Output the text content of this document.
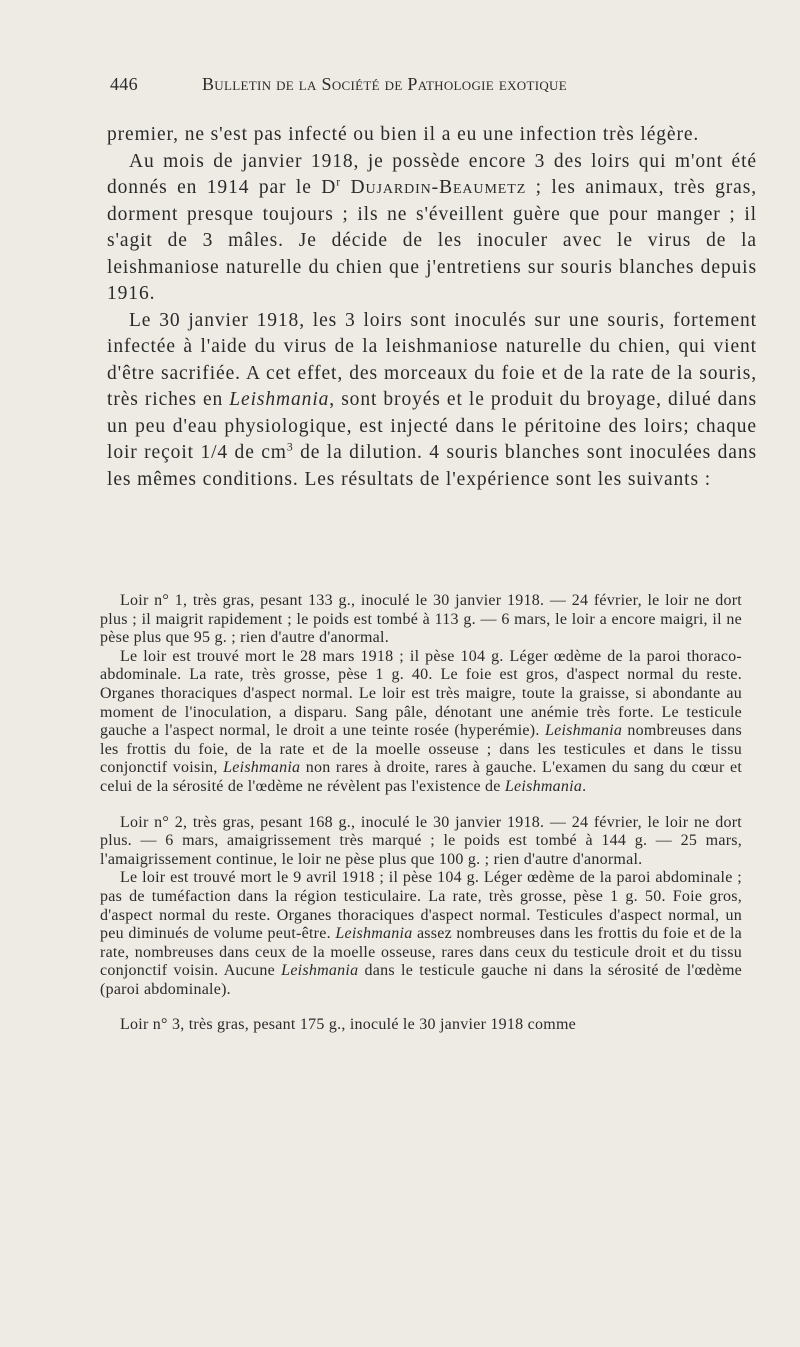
446	Bulletin de la Société de Pathologie exotique

premier, ne s'est pas infecté ou bien il a eu une infection très légère.

Au mois de janvier 1918, je possède encore 3 des loirs qui m'ont été donnés en 1914 par le $D^r$ Dujardin-Beaumetz ; les animaux, très gras, dorment presque toujours ; ils ne s'éveillent guère que pour manger ; il s'agit de 3 mâles. Je décide de les inoculer avec le virus de la leishmaniose naturelle du chien que j'entretiens sur souris blanches depuis 1916.

Le 30 janvier 1918, les 3 loirs sont inoculés sur une souris, fortement infectée à l'aide du virus de la leishmaniose naturelle du chien, qui vient d'être sacrifiée. A cet effet, des morceaux du foie et de la rate de la souris, très riches en Leishmania, sont broyés et le produit du broyage, dilué dans un peu d'eau physiologique, est injecté dans le péritoine des loirs; chaque loir reçoit 1/4 de $cm^3$ de la dilution. 4 souris blanches sont inoculées dans les mêmes conditions. Les résultats de l'expérience sont les suivants :

Loir n° 1, très gras, pesant 133 g., inoculé le 30 janvier 1918. — 24 février, le loir ne dort plus ; il maigrit rapidement ; le poids est tombé à 113 g. — 6 mars, le loir a encore maigri, il ne pèse plus que 95 g. ; rien d'autre d'anormal.

Le loir est trouvé mort le 28 mars 1918 ; il pèse 104 g. Léger œdème de la paroi thoraco-abdominale. La rate, très grosse, pèse 1 g. 40. Le foie est gros, d'aspect normal du reste. Organes thoraciques d'aspect normal. Le loir est très maigre, toute la graisse, si abondante au moment de l'inoculation, a disparu. Sang pâle, dénotant une anémie très forte. Le testicule gauche a l'aspect normal, le droit a une teinte rosée (hyperémie). Leishmania nombreuses dans les frottis du foie, de la rate et de la moelle osseuse ; dans les testicules et dans le tissu conjonctif voisin, Leishmania non rares à droite, rares à gauche. L'examen du sang du cœur et celui de la sérosité de l'œdème ne révèlent pas l'existence de Leishmania.

Loir n° 2, très gras, pesant 168 g., inoculé le 30 janvier 1918. — 24 février, le loir ne dort plus. — 6 mars, amaigrissement très marqué ; le poids est tombé à 144 g. — 25 mars, l'amaigrissement continue, le loir ne pèse plus que 100 g. ; rien d'autre d'anormal.

Le loir est trouvé mort le 9 avril 1918 ; il pèse 104 g. Léger œdème de la paroi abdominale ; pas de tuméfaction dans la région testiculaire. La rate, très grosse, pèse 1 g. 50. Foie gros, d'aspect normal du reste. Organes thoraciques d'aspect normal. Testicules d'aspect normal, un peu diminués de volume peut-être. Leishmania assez nombreuses dans les frottis du foie et de la rate, nombreuses dans ceux de la moelle osseuse, rares dans ceux du testicule droit et du tissu conjonctif voisin. Aucune Leishmania dans le testicule gauche ni dans la sérosité de l'œdème (paroi abdominale).

Loir n° 3, très gras, pesant 175 g., inoculé le 30 janvier 1918 comme
